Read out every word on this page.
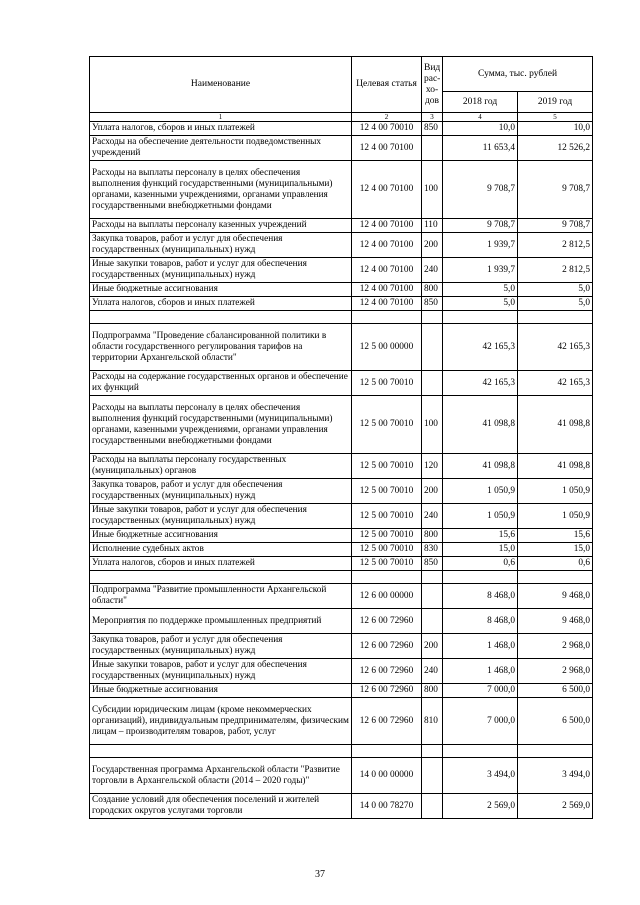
Наименование	Целевая статья	Вид рас-хо-дов	Сумма, тыс. рублей	
			2018 год	2019 год
1	2	3	4	5
Уплата налогов, сборов и иных платежей	12 4 00 70010	850	10,0	10,0
Расходы на обеспечение деятельности подведомственных учреждений	12 4 00 70100		11 653,4	12 526,2
Расходы на выплаты персоналу в целях обеспечения выполнения функций государственными (муниципальными) органами, казенными учреждениями, органами управления государственными внебюджетными фондами	12 4 00 70100	100	9 708,7	9 708,7
Расходы на выплаты персоналу казенных учреждений	12 4 00 70100	110	9 708,7	9 708,7
Закупка товаров, работ и услуг для обеспечения государственных (муниципальных) нужд	12 4 00 70100	200	1 939,7	2 812,5
Иные закупки товаров, работ и услуг для обеспечения государственных (муниципальных) нужд	12 4 00 70100	240	1 939,7	2 812,5
Иные бюджетные ассигнования	12 4 00 70100	800	5,0	5,0
Уплата налогов, сборов и иных платежей	12 4 00 70100	850	5,0	5,0

Подпрограмма "Проведение сбалансированной политики в области государственного регулирования тарифов на территории Архангельской области"	12 5 00 00000		42 165,3	42 165,3
Расходы на содержание государственных органов и обеспечение их функций	12 5 00 70010		42 165,3	42 165,3
Расходы на выплаты персоналу в целях обеспечения выполнения функций государственными (муниципальными) органами, казенными учреждениями, органами управления государственными внебюджетными фондами	12 5 00 70010	100	41 098,8	41 098,8
Расходы на выплаты персоналу государственных (муниципальных) органов	12 5 00 70010	120	41 098,8	41 098,8
Закупка товаров, работ и услуг для обеспечения государственных (муниципальных) нужд	12 5 00 70010	200	1 050,9	1 050,9
Иные закупки товаров, работ и услуг для обеспечения государственных (муниципальных) нужд	12 5 00 70010	240	1 050,9	1 050,9
Иные бюджетные ассигнования	12 5 00 70010	800	15,6	15,6
Исполнение судебных актов	12 5 00 70010	830	15,0	15,0
Уплата налогов, сборов и иных платежей	12 5 00 70010	850	0,6	0,6

Подпрограмма "Развитие промышленности Архангельской области"	12 6 00 00000		8 468,0	9 468,0
Мероприятия по поддержке промышленных предприятий	12 6 00 72960		8 468,0	9 468,0
Закупка товаров, работ и услуг для обеспечения государственных (муниципальных) нужд	12 6 00 72960	200	1 468,0	2 968,0
Иные закупки товаров, работ и услуг для обеспечения государственных (муниципальных) нужд	12 6 00 72960	240	1 468,0	2 968,0
Иные бюджетные ассигнования	12 6 00 72960	800	7 000,0	6 500,0
Субсидии юридическим лицам (кроме некоммерческих организаций), индивидуальным предпринимателям, физическим лицам – производителям товаров, работ, услуг	12 6 00 72960	810	7 000,0	6 500,0

Государственная программа Архангельской области "Развитие торговли в Архангельской области (2014 – 2020 годы)"	14 0 00 00000		3 494,0	3 494,0
Создание условий для обеспечения поселений и жителей городских округов услугами торговли	14 0 00 78270		2 569,0	2 569,0
37
